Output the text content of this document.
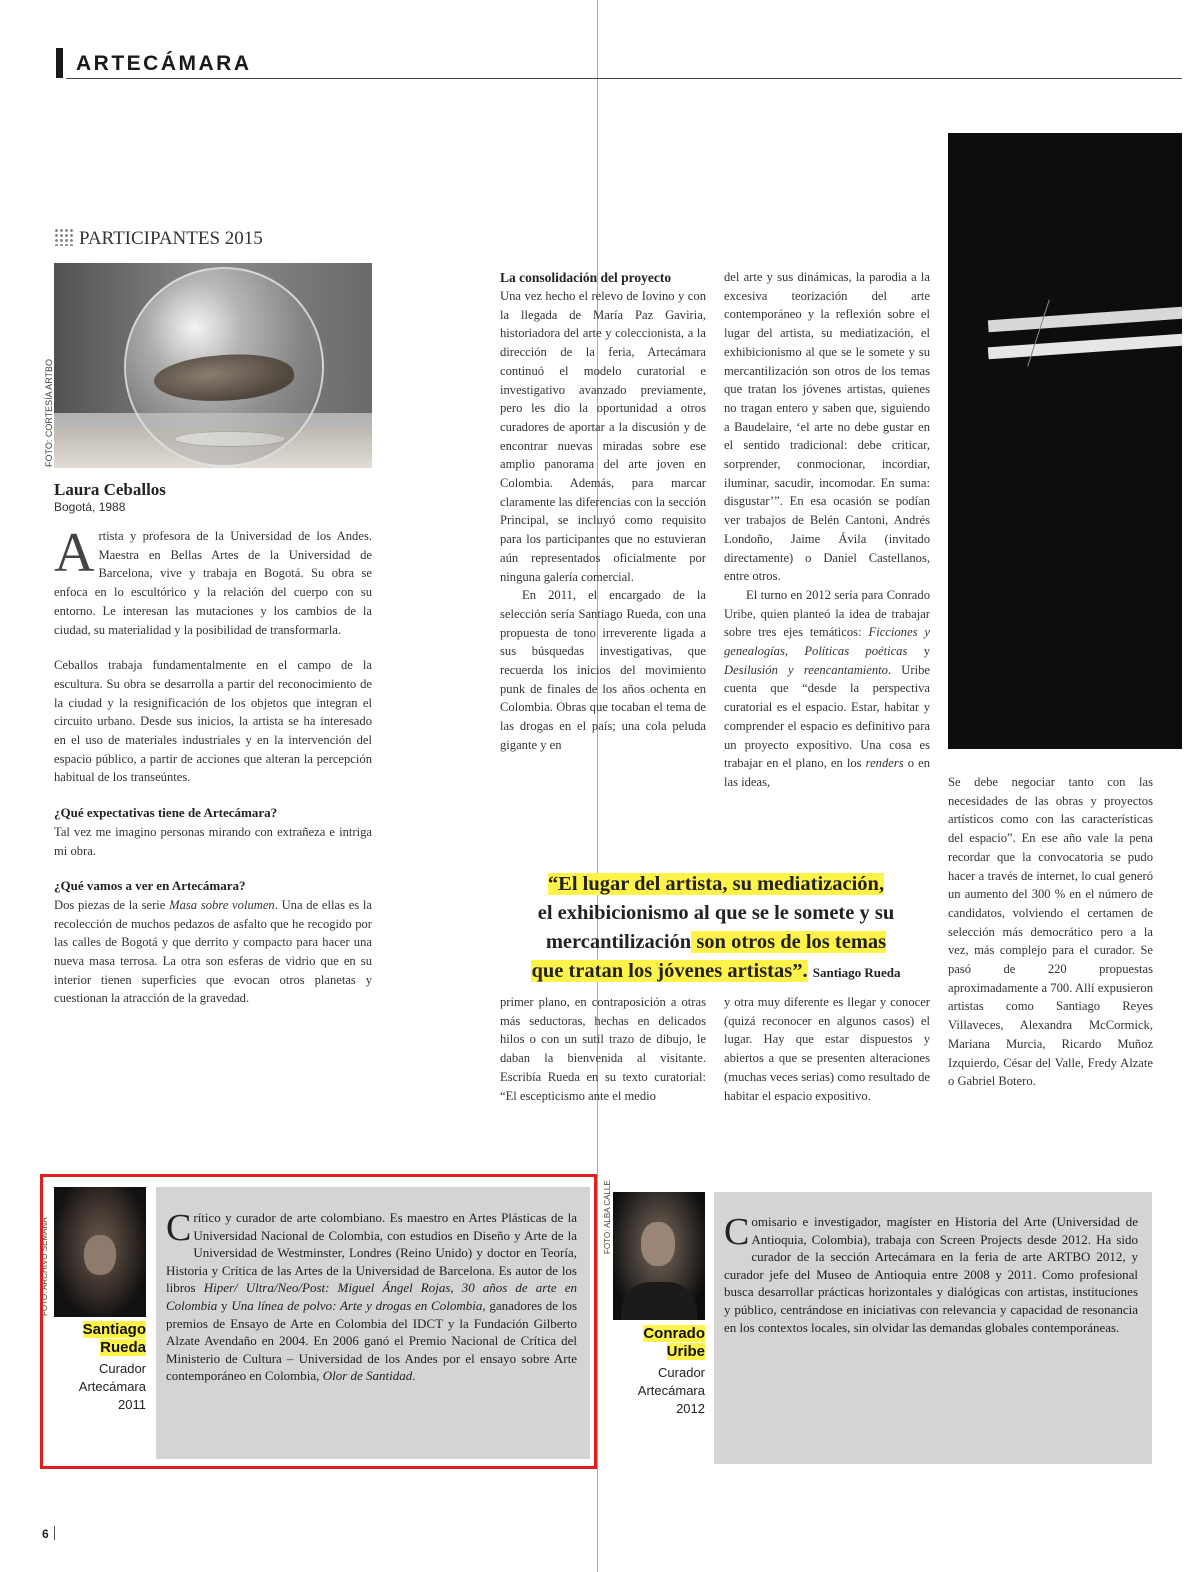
ARTECÁMARA
PARTICIPANTES 2015
FOTO: CORTESÍA ARTBO
Laura Ceballos
Bogotá, 1988

Artista y profesora de la Universidad de los Andes. Maestra en Bellas Artes de la Universidad de Barcelona, vive y trabaja en Bogotá. Su obra se enfoca en lo escultórico y la relación del cuerpo con su entorno. Le interesan las mutaciones y los cambios de la ciudad, su materialidad y la posibilidad de transformarla.

Ceballos trabaja fundamentalmente en el campo de la escultura. Su obra se desarrolla a partir del reconocimiento de la ciudad y la resignificación de los objetos que integran el circuito urbano. Desde sus inicios, la artista se ha interesado en el uso de materiales industriales y en la intervención del espacio público, a partir de acciones que alteran la percepción habitual de los transeúntes.

¿Qué expectativas tiene de Artecámara?

Tal vez me imagino personas mirando con extrañeza e intriga mi obra.

¿Qué vamos a ver en Artecámara?

Dos piezas de la serie Masa sobre volumen. Una de ellas es la recolección de muchos pedazos de asfalto que he recogido por las calles de Bogotá y que derrito y compacto para hacer una nueva masa terrosa. La otra son esferas de vidrio que en su interior tienen superficies que evocan otros planetas y cuestionan la atracción de la gravedad.

La consolidación del proyecto

Una vez hecho el relevo de Iovino y con la llegada de María Paz Gaviria, historiadora del arte y coleccionista, a la dirección de la feria, Artecámara continuó el modelo curatorial e investigativo avanzado previamente, pero les dio la oportunidad a otros curadores de aportar a la discusión y de encontrar nuevas miradas sobre ese amplio panorama del arte joven en Colombia. Además, para marcar claramente las diferencias con la sección Principal, se incluyó como requisito para los participantes que no estuvieran aún representados oficialmente por ninguna galería comercial.

En 2011, el encargado de la selección sería Santiago Rueda, con una propuesta de tono irreverente ligada a sus búsquedas investigativas, que recuerda los inicios del movimiento punk de finales de los años ochenta en Colombia. Obras que tocaban el tema de las drogas en el país; una cola peluda gigante y en

del arte y sus dinámicas, la parodia a la excesiva teorización del arte contemporáneo y la reflexión sobre el lugar del artista, su mediatización, el exhibicionismo al que se le somete y su mercantilización son otros de los temas que tratan los jóvenes artistas, quienes no tragan entero y saben que, siguiendo a Baudelaire, ‘el arte no debe gustar en el sentido tradicional: debe criticar, sorprender, conmocionar, incordiar, iluminar, sacudir, incomodar. En suma: disgustar’”. En esa ocasión se podían ver trabajos de Belén Cantoni, Andrés Londoño, Jaime Ávila (invitado directamente) o Daniel Castellanos, entre otros.

El turno en 2012 sería para Conrado Uribe, quien planteó la idea de trabajar sobre tres ejes temáticos: Ficciones y genealogías, Políticas poéticas y Desilusión y reencantamiento. Uribe cuenta que “desde la perspectiva curatorial es el espacio. Estar, habitar y comprender el espacio es definitivo para un proyecto expositivo. Una cosa es trabajar en el plano, en los renders o en las ideas,	Se debe negociar tanto con las necesidades de las obras y proyectos artísticos como con las características del espacio”. En ese año vale la pena recordar que la convocatoria se pudo hacer a través de internet, lo cual generó un aumento del 300 % en el número de candidatos, volviendo el certamen de selección más democrático pero a la vez, más complejo para el curador. Se pasó de 220 propuestas aproximadamente a 700. Allí expusieron artistas como Santiago Reyes Villaveces, Alexandra McCormick, Mariana Murcia, Ricardo Muñoz Izquierdo, César del Valle, Fredy Alzate o Gabriel Botero.

“El lugar del artista, su mediatización,
el exhibicionismo al que se le somete y su
mercantilización son otros de los temas
que tratan los jóvenes artistas”. Santiago Rueda

primer plano, en contraposición a otras más seductoras, hechas en delicados hilos o con un sutil trazo de dibujo, le daban la bienvenida al visitante. Escribía Rueda en su texto curatorial: “El escepticismo ante el medio

y otra muy diferente es llegar y conocer (quizá reconocer en algunos casos) el lugar. Hay que estar dispuestos y abiertos a que se presenten alteraciones (muchas veces serias) como resultado de habitar el espacio expositivo.

FOTO: ARCHIVO SEMANA
Santiago
Rueda
Curador
Artecámara
2011
Crítico y curador de arte colombiano. Es maestro en Artes Plásticas de la Universidad Nacional de Colombia, con estudios en Diseño y Arte de la Universidad de Westminster, Londres (Reino Unido) y doctor en Teoría, Historia y Crítica de las Artes de la Universidad de Barcelona. Es autor de los libros Hiper/ Ultra/Neo/Post: Miguel Ángel Rojas, 30 años de arte en Colombia y Una línea de polvo: Arte y drogas en Colombia, ganadores de los premios de Ensayo de Arte en Colombia del IDCT y la Fundación Gilberto Alzate Avendaño en 2004. En 2006 ganó el Premio Nacional de Crítica del Ministerio de Cultura – Universidad de los Andes por el ensayo sobre Arte contemporáneo en Colombia, Olor de Santidad.
FOTO: ALBA CALLE
Conrado
Uribe
Curador
Artecámara
2012
Comisario e investigador, magíster en Historia del Arte (Universidad de Antioquia, Colombia), trabaja con Screen Projects desde 2012. Ha sido curador de la sección Artecámara en la feria de arte ARTBO 2012, y curador jefe del Museo de Antioquia entre 2008 y 2011. Como profesional busca desarrollar prácticas horizontales y dialógicas con artistas, instituciones y público, centrándose en iniciativas con relevancia y capacidad de resonancia en los contextos locales, sin olvidar las demandas globales contemporáneas.
6
